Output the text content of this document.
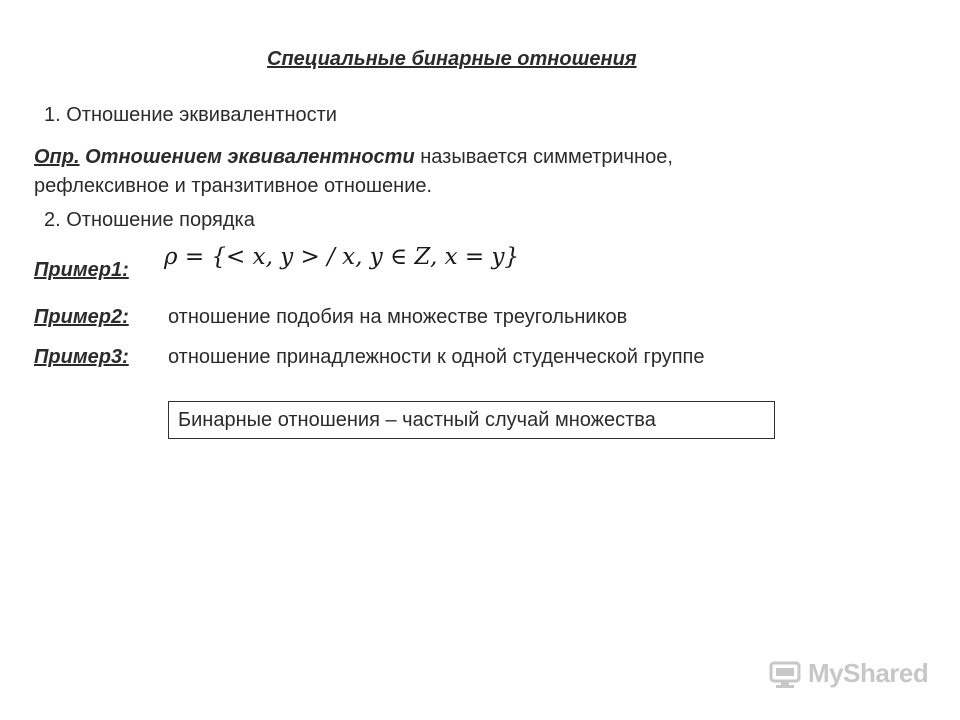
Специальные бинарные отношения
1. Отношение эквивалентности
Опр. Отношением эквивалентности называется симметричное,
рефлексивное и транзитивное отношение.
2. Отношение порядка
Пример1: ρ = {< x, y > / x, y ∈ Z, x = y}
Пример2: отношение подобия на множестве треугольников
Пример3: отношение принадлежности к одной студенческой группе
Бинарные отношения – частный случай множества
MyShared
